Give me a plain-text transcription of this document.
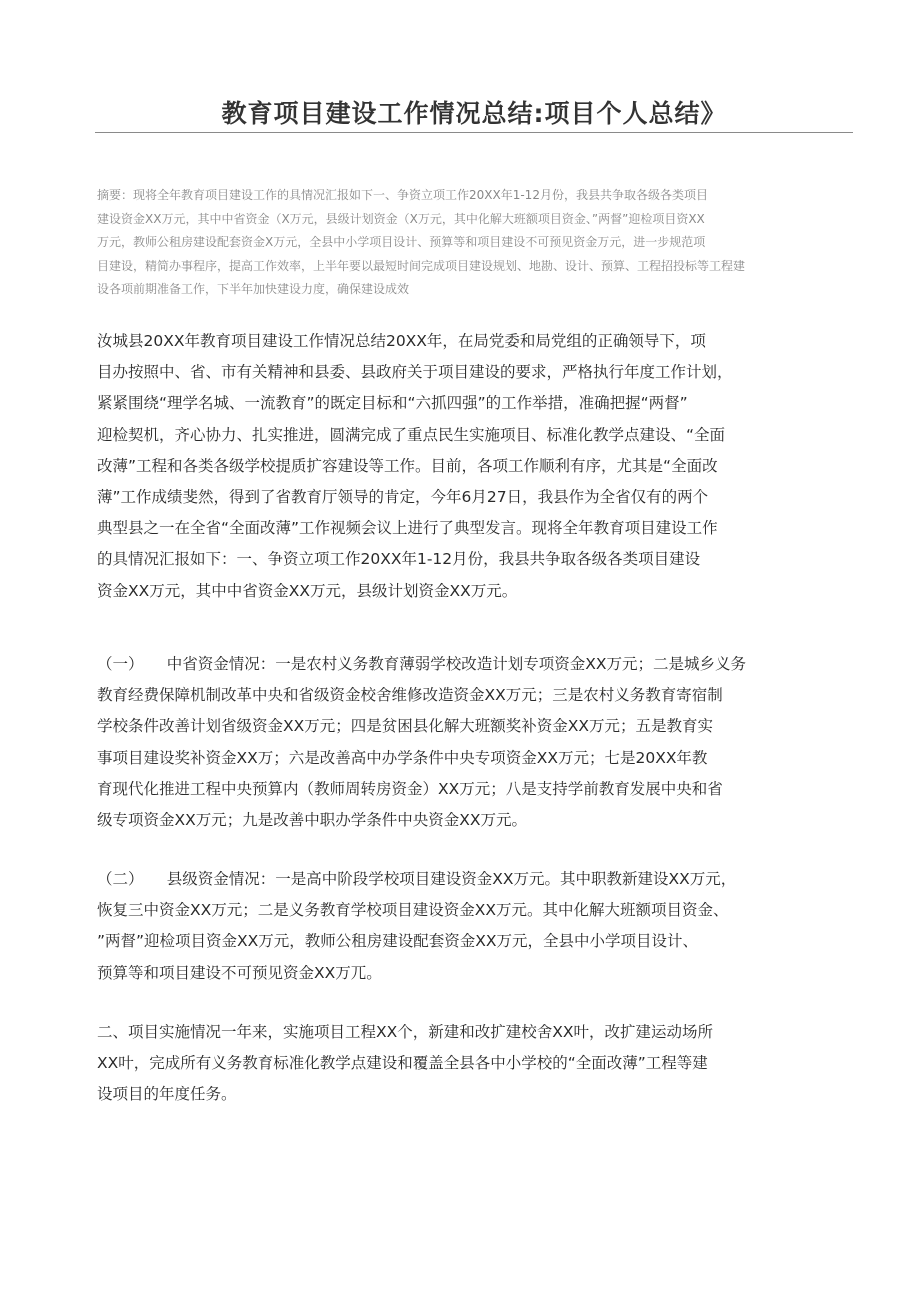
教育项目建设工作情况总结:项目个人总结》
摘要：现将全年教育项目建设工作的具情况汇报如下一、争资立项工作20XX年1-12月份，我县共争取各级各类项目
建设资金XX万元，其中中省资金（X万元，县级计划资金（X万元，其中化解大班额项目资金、”两督”迎检项目资XX
万元，教师公租房建设配套资金X万元，全县中小学项目设计、预算等和项目建设不可预见资金万元，进一步规范项
目建设，精简办事程序，提高工作效率，上半年要以最短时间完成项目建设规划、地勘、设计、预算、工程招投标等工程建
设各项前期准备工作，下半年加快建设力度，确保建设成效
汝城县20XX年教育项目建设工作情况总结20XX年，在局党委和局党组的正确领导下，项
目办按照中、省、市有关精神和县委、县政府关于项目建设的要求，严格执行年度工作计划，
紧紧围绕“理学名城、一流教育”的既定目标和“六抓四强”的工作举措，准确把握“两督”
迎检契机，齐心协力、扎实推进，圆满完成了重点民生实施项目、标准化教学点建设、“全面
改薄”工程和各类各级学校提质扩容建设等工作。目前，各项工作顺利有序，尤其是“全面改
薄”工作成绩斐然，得到了省教育厅领导的肯定，今年6月27日，我县作为全省仅有的两个
典型县之一在全省“全面改薄”工作视频会议上进行了典型发言。现将全年教育项目建设工作
的具情况汇报如下：一、争资立项工作20XX年1-12月份，我县共争取各级各类项目建设
资金XX万元，其中中省资金XX万元，县级计划资金XX万元。
（一）　　中省资金情况：一是农村义务教育薄弱学校改造计划专项资金XX万元；二是城乡义务
教育经费保障机制改革中央和省级资金校舍维修改造资金XX万元；三是农村义务教育寄宿制
学校条件改善计划省级资金XX万元；四是贫困县化解大班额奖补资金XX万元；五是教育实
事项目建设奖补资金XX万；六是改善高中办学条件中央专项资金XX万元；七是20XX年教
育现代化推进工程中央预算内（教师周转房资金）XX万元；八是支持学前教育发展中央和省
级专项资金XX万元；九是改善中职办学条件中央资金XX万元。
（二）　　县级资金情况：一是高中阶段学校项目建设资金XX万元。其中职教新建设XX万元，
恢复三中资金XX万元；二是义务教育学校项目建设资金XX万元。其中化解大班额项目资金、
”两督”迎检项目资金XX万元，教师公租房建设配套资金XX万元，全县中小学项目设计、
预算等和项目建设不可预见资金XX万兀。
二、项目实施情况一年来，实施项目工程XX个，新建和改扩建校舍XX叶，改扩建运动场所
XX叶，完成所有义务教育标准化教学点建设和覆盖全县各中小学校的“全面改薄”工程等建
设项目的年度任务。
